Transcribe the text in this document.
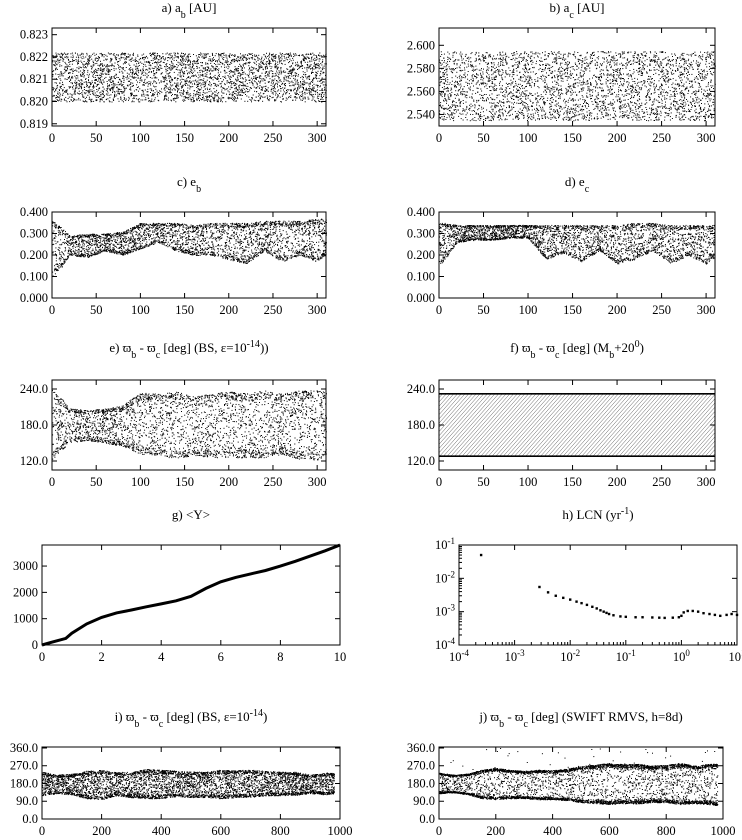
a) $a_b$ [AU]
0	50 100 150 200 250 300
0.819
0.820
0.821
0.822
0.823
b) $a_c$ [AU]
0	50 100 150 200 250 300
2.540
2.560
2.580
2.600
c) $e_b$
0	50 100 150 200 250 300
0.000
0.100
0.200
0.300
0.400
d) $e_c$
0	50 100 150 200 250 300
0.000
0.100
0.200
0.300
0.400
e) $ϖ_b - ϖ_c$ [deg] (BS, $\varepsilon=10^{-14}$))
0	50 100 150 200 250 300
120.0
180.0
240.0
f) $ϖ_b - ϖ_c$ [deg] $(M_b+20^0)$
0	50 100 150 200 250 300
120.0
180.0
240.0
g) <Y>
0	2	4	6	8	10
0
1000
2000
3000
h) LCN $(yr^{-1})$
$10^{-4}$	$10^{-3}$	$10^{-2}$	$10^{-1}$	$10^0$	10
$10^{-4}$
$10^{-3}$
$10^{-2}$
$10^{-1}$
i) $ϖ_b - ϖ_c$ [deg] (BS, $\varepsilon=10^{-14}$)
0	200	400	600	800	1000
0.0
90.0
180.0
270.0
360.0
j) $ϖ_b - ϖ_c$ [deg] (SWIFT RMVS, h=8d)
0	200	400	600	800	1000
0.0
90.0
180.0
270.0
360.0
